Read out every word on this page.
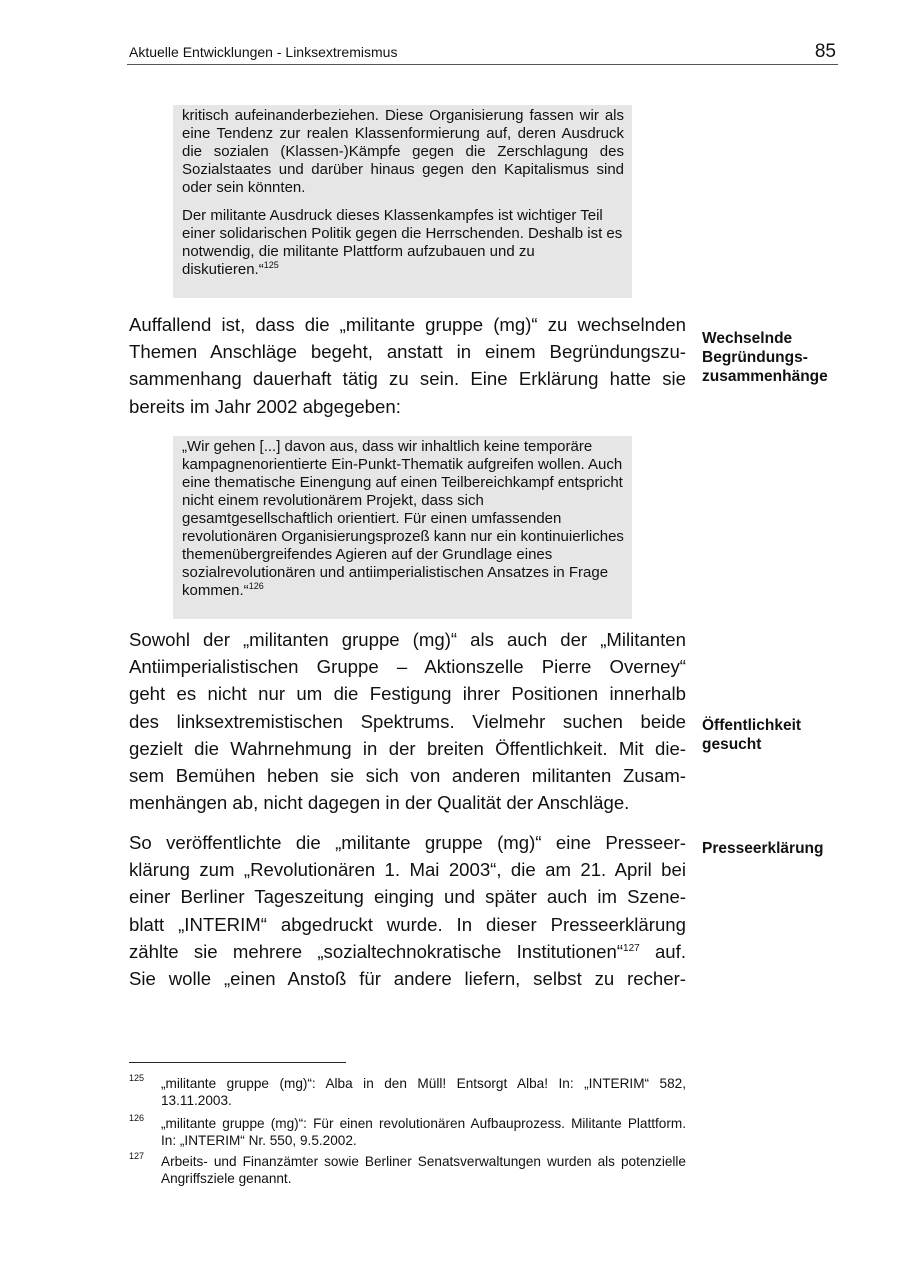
Aktuelle Entwicklungen - Linksextremismus	85

kritisch aufeinanderbeziehen. Diese Organisierung fassen wir als eine Tendenz zur realen Klassenformierung auf, deren Ausdruck die sozialen (Klassen-)Kämpfe gegen die Zerschlagung des Sozialstaates und darüber hinaus gegen den Kapitalismus sind oder sein könnten.

Der militante Ausdruck dieses Klassenkampfes ist wichtiger Teil einer solidarischen Politik gegen die Herrschenden. Deshalb ist es notwendig, die militante Plattform aufzubauen und zu diskutieren.“$^{125}$

Auffallend ist, dass die „militante gruppe (mg)“ zu wechselnden
Themen Anschläge begeht, anstatt in einem Begründungszu-
sammenhang dauerhaft tätig zu sein. Eine Erklärung hatte sie
bereits im Jahr 2002 abgegeben:
Wechselnde
Begründungs-
zusammenhänge

„Wir gehen [...] davon aus, dass wir inhaltlich keine temporäre kampagnenorientierte Ein-Punkt-Thematik aufgreifen wollen. Auch eine thematische Einengung auf einen Teilbereichkampf entspricht nicht einem revolutionärem Projekt, dass sich gesamtgesellschaftlich orientiert. Für einen umfassenden revolutionären Organisierungsprozeß kann nur ein kontinuierliches themenübergreifendes Agieren auf der Grundlage eines sozialrevolutionären und antiimperialistischen Ansatzes in Frage kommen.“$^{126}$

Sowohl der „militanten gruppe (mg)“ als auch der „Militanten
Antiimperialistischen Gruppe – Aktionszelle Pierre Overney“
geht es nicht nur um die Festigung ihrer Positionen innerhalb
des linksextremistischen Spektrums. Vielmehr suchen beide
gezielt die Wahrnehmung in der breiten Öffentlichkeit. Mit die-
sem Bemühen heben sie sich von anderen militanten Zusam-
menhängen ab, nicht dagegen in der Qualität der Anschläge.
Öffentlichkeit
gesucht
So veröffentlichte die „militante gruppe (mg)“ eine Presseer-
klärung zum „Revolutionären 1. Mai 2003“, die am 21. April bei
einer Berliner Tageszeitung einging und später auch im Szene-
blatt „INTERIM“ abgedruckt wurde. In dieser Presseerklärung
zählte sie mehrere „sozialtechnokratische Institutionen“$^{127}$ auf.
Sie wolle „einen Anstoß für andere liefern, selbst zu recher-
Presseerklärung
125 „militante gruppe (mg)“: Alba in den Müll! Entsorgt Alba! In: „INTERIM“ 582, 13.11.2003.
126 „militante gruppe (mg)“: Für einen revolutionären Aufbauprozess. Militante Plattform. In: „INTERIM“ Nr. 550, 9.5.2002.
127 Arbeits- und Finanzämter sowie Berliner Senatsverwaltungen wurden als potenzielle Angriffsziele genannt.
